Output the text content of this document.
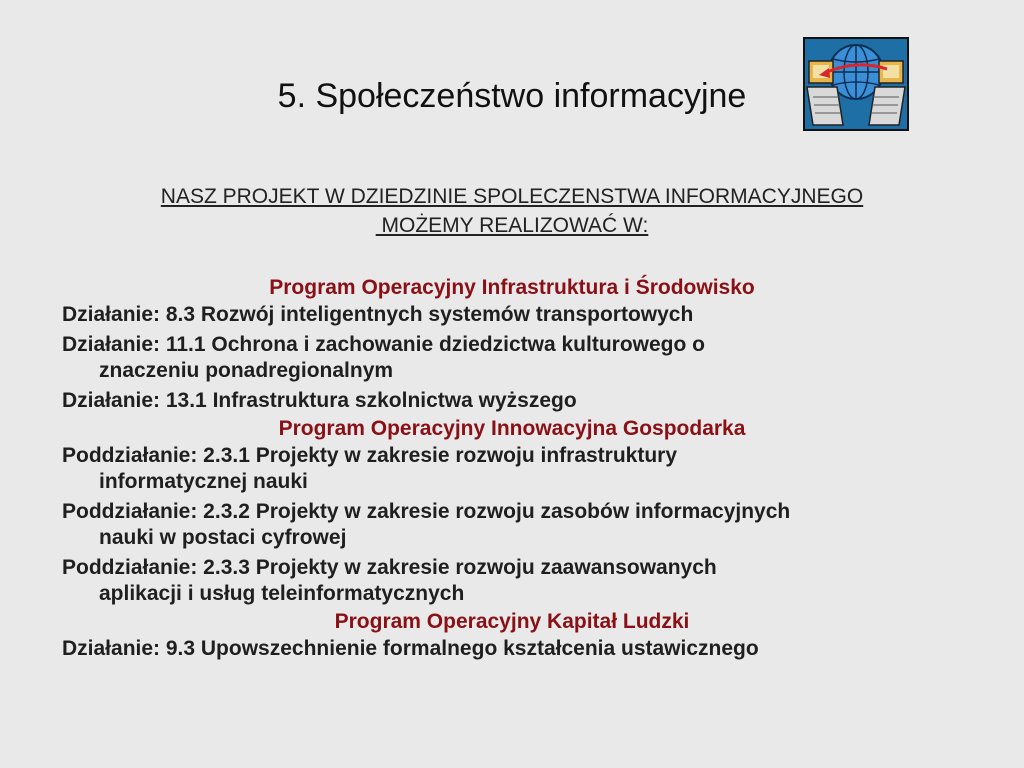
5. Społeczeństwo informacyjne
NASZ PROJEKT W DZIEDZINIE SPOLECZENSTWA INFORMACYJNEGO
MOŻEMY REALIZOWAĆ W:
Program Operacyjny Infrastruktura i Środowisko
Działanie: 8.3 Rozwój inteligentnych systemów transportowych
Działanie: 11.1 Ochrona i zachowanie dziedzictwa kulturowego o
znaczeniu ponadregionalnym
Działanie: 13.1 Infrastruktura szkolnictwa wyższego
Program Operacyjny Innowacyjna Gospodarka
Poddziałanie: 2.3.1 Projekty w zakresie rozwoju infrastruktury
informatycznej nauki
Poddziałanie: 2.3.2 Projekty w zakresie rozwoju zasobów informacyjnych
nauki w postaci cyfrowej
Poddziałanie: 2.3.3 Projekty w zakresie rozwoju zaawansowanych
aplikacji i usług teleinformatycznych
Program Operacyjny Kapitał Ludzki
Działanie: 9.3 Upowszechnienie formalnego kształcenia ustawicznego
